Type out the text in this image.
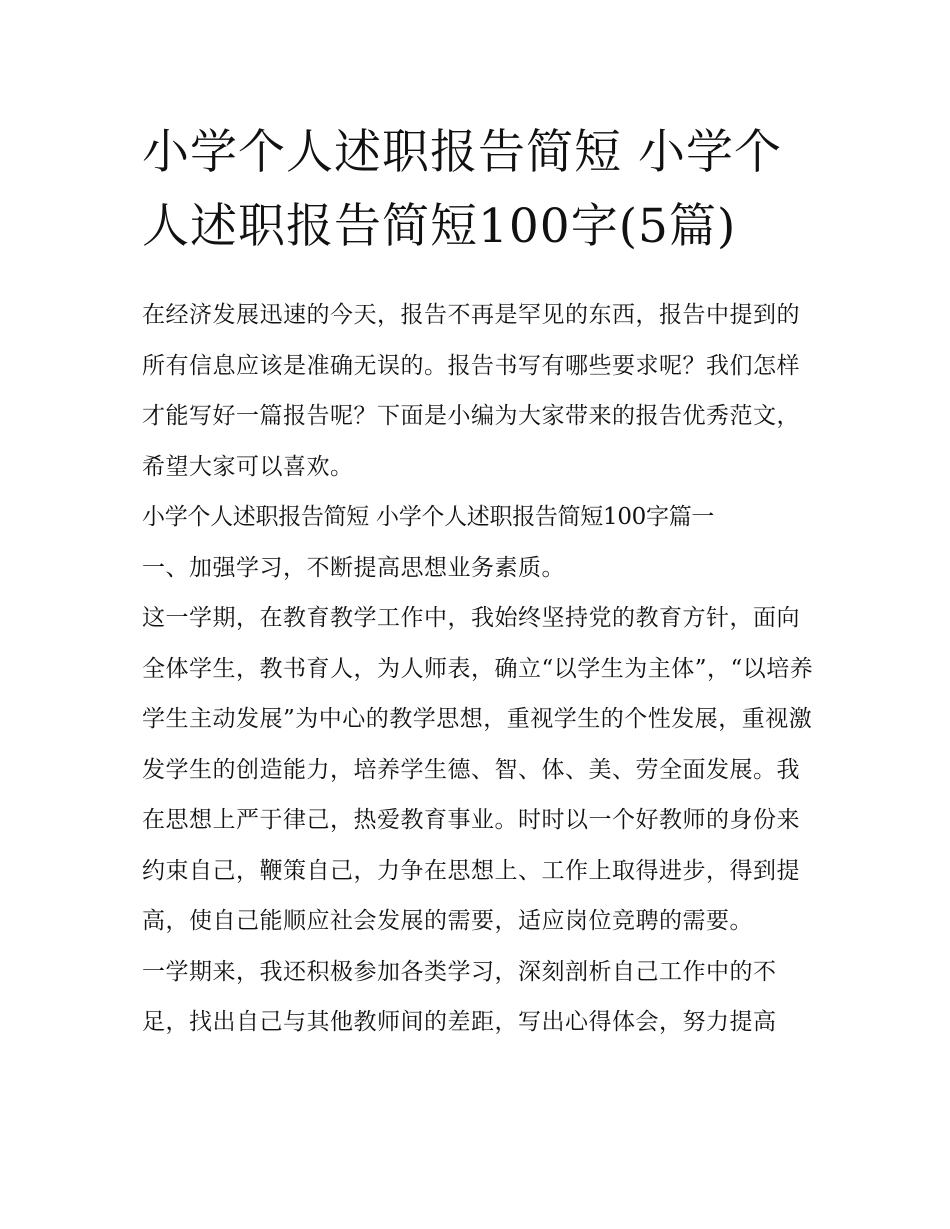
小学个人述职报告简短 小学个人述职报告简短100字(5篇)

在经济发展迅速的今天，报告不再是罕见的东西，报告中提到的所有信息应该是准确无误的。报告书写有哪些要求呢？我们怎样才能写好一篇报告呢？下面是小编为大家带来的报告优秀范文，希望大家可以喜欢。

小学个人述职报告简短 小学个人述职报告简短100字篇一

一、加强学习，不断提高思想业务素质。

这一学期，在教育教学工作中，我始终坚持党的教育方针，面向全体学生，教书育人，为人师表，确立“以学生为主体”，“以培养学生主动发展”为中心的教学思想，重视学生的个性发展，重视激发学生的创造能力，培养学生德、智、体、美、劳全面发展。我在思想上严于律己，热爱教育事业。时时以一个好教师的身份来约束自己，鞭策自己，力争在思想上、工作上取得进步，得到提高，使自己能顺应社会发展的需要，适应岗位竞聘的需要。

一学期来，我还积极参加各类学习，深刻剖析自己工作中的不足，找出自己与其他教师间的差距，写出心得体会，努力提高
